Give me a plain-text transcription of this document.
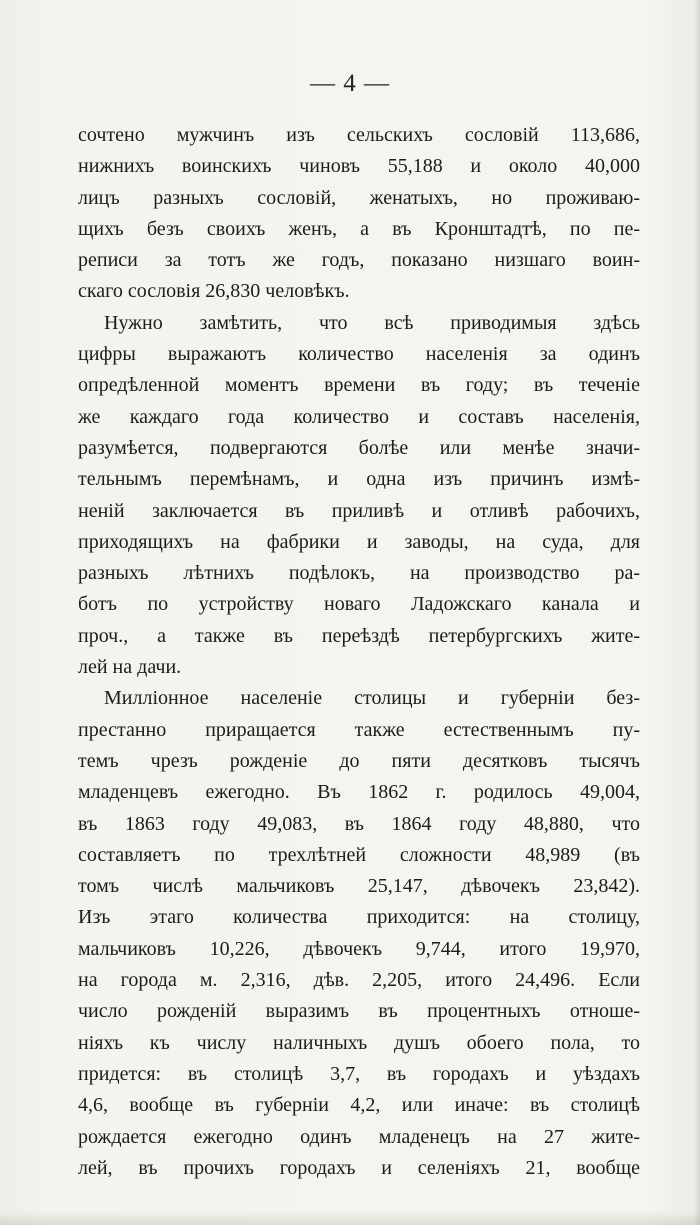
— 4 —
сочтено мужчинъ изъ сельскихъ сословій 113,686,
нижнихъ воинскихъ чиновъ 55,188 и около 40,000
лицъ разныхъ сословій, женатыхъ, но проживаю-
щихъ безъ своихъ женъ, а въ Кронштадтѣ, по пе-
реписи за тотъ же годъ, показано низшаго воин-
скаго сословія 26,830 человѣкъ.
Нужно замѣтить, что всѣ приводимыя здѣсь
цифры выражаютъ количество населенія за одинъ
опредѣленной моментъ времени въ году; въ теченіе
же каждаго года количество и составъ населенія,
разумѣется, подвергаются болѣе или менѣе значи-
тельнымъ перемѣнамъ, и одна изъ причинъ измѣ-
неній заключается въ приливѣ и отливѣ рабочихъ,
приходящихъ на фабрики и заводы, на суда, для
разныхъ лѣтнихъ подѣлокъ, на производство ра-
ботъ по устройству новаго Ладожскаго канала и
проч., а также въ переѣздѣ петербургскихъ жите-
лей на дачи.
Милліонное населеніе столицы и губерніи без-
престанно приращается также естественнымъ пу-
темъ чрезъ рожденіе до пяти десятковъ тысячъ
младенцевъ ежегодно. Въ 1862 г. родилось 49,004,
въ 1863 году 49,083, въ 1864 году 48,880, что
составляетъ по трехлѣтней сложности 48,989 (въ
томъ числѣ мальчиковъ 25,147, дѣвочекъ 23,842).
Изъ этаго количества приходится: на столицу,
мальчиковъ 10,226, дѣвочекъ 9,744, итого 19,970,
на города м. 2,316, дѣв. 2,205, итого 24,496. Если
число рожденій выразимъ въ процентныхъ отноше-
ніяхъ къ числу наличныхъ душъ обоего пола, то
придется: въ столицѣ 3,7, въ городахъ и уѣздахъ
4,6, вообще въ губерніи 4,2, или иначе: въ столицѣ
рождается ежегодно одинъ младенецъ на 27 жите-
лей, въ прочихъ городахъ и селеніяхъ 21, вообще
